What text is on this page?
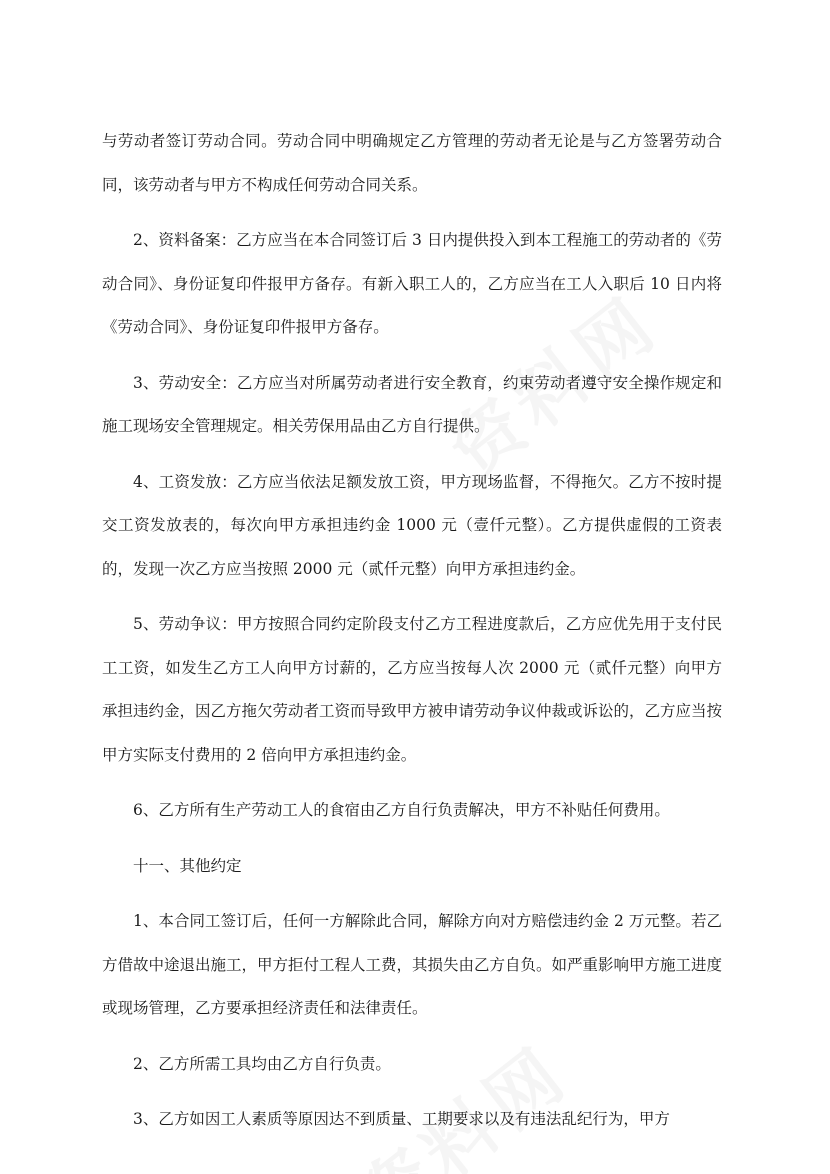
与劳动者签订劳动合同。劳动合同中明确规定乙方管理的劳动者无论是与乙方签署劳动合同，该劳动者与甲方不构成任何劳动合同关系。

2、资料备案：乙方应当在本合同签订后 3 日内提供投入到本工程施工的劳动者的《劳动合同》、身份证复印件报甲方备存。有新入职工人的，乙方应当在工人入职后 10 日内将《劳动合同》、身份证复印件报甲方备存。

3、劳动安全：乙方应当对所属劳动者进行安全教育，约束劳动者遵守安全操作规定和施工现场安全管理规定。相关劳保用品由乙方自行提供。

4、工资发放：乙方应当依法足额发放工资，甲方现场监督，不得拖欠。乙方不按时提交工资发放表的，每次向甲方承担违约金 1000 元（壹仟元整）。乙方提供虚假的工资表的，发现一次乙方应当按照 2000 元（贰仟元整）向甲方承担违约金。

5、劳动争议：甲方按照合同约定阶段支付乙方工程进度款后，乙方应优先用于支付民工工资，如发生乙方工人向甲方讨薪的，乙方应当按每人次 2000 元（贰仟元整）向甲方承担违约金，因乙方拖欠劳动者工资而导致甲方被申请劳动争议仲裁或诉讼的，乙方应当按甲方实际支付费用的 2 倍向甲方承担违约金。

6、乙方所有生产劳动工人的食宿由乙方自行负责解决，甲方不补贴任何费用。

十一、其他约定

1、本合同工签订后，任何一方解除此合同，解除方向对方赔偿违约金 2 万元整。若乙方借故中途退出施工，甲方拒付工程人工费，其损失由乙方自负。如严重影响甲方施工进度或现场管理，乙方要承担经济责任和法律责任。

2、乙方所需工具均由乙方自行负责。

3、乙方如因工人素质等原因达不到质量、工期要求以及有违法乱纪行为，甲方
